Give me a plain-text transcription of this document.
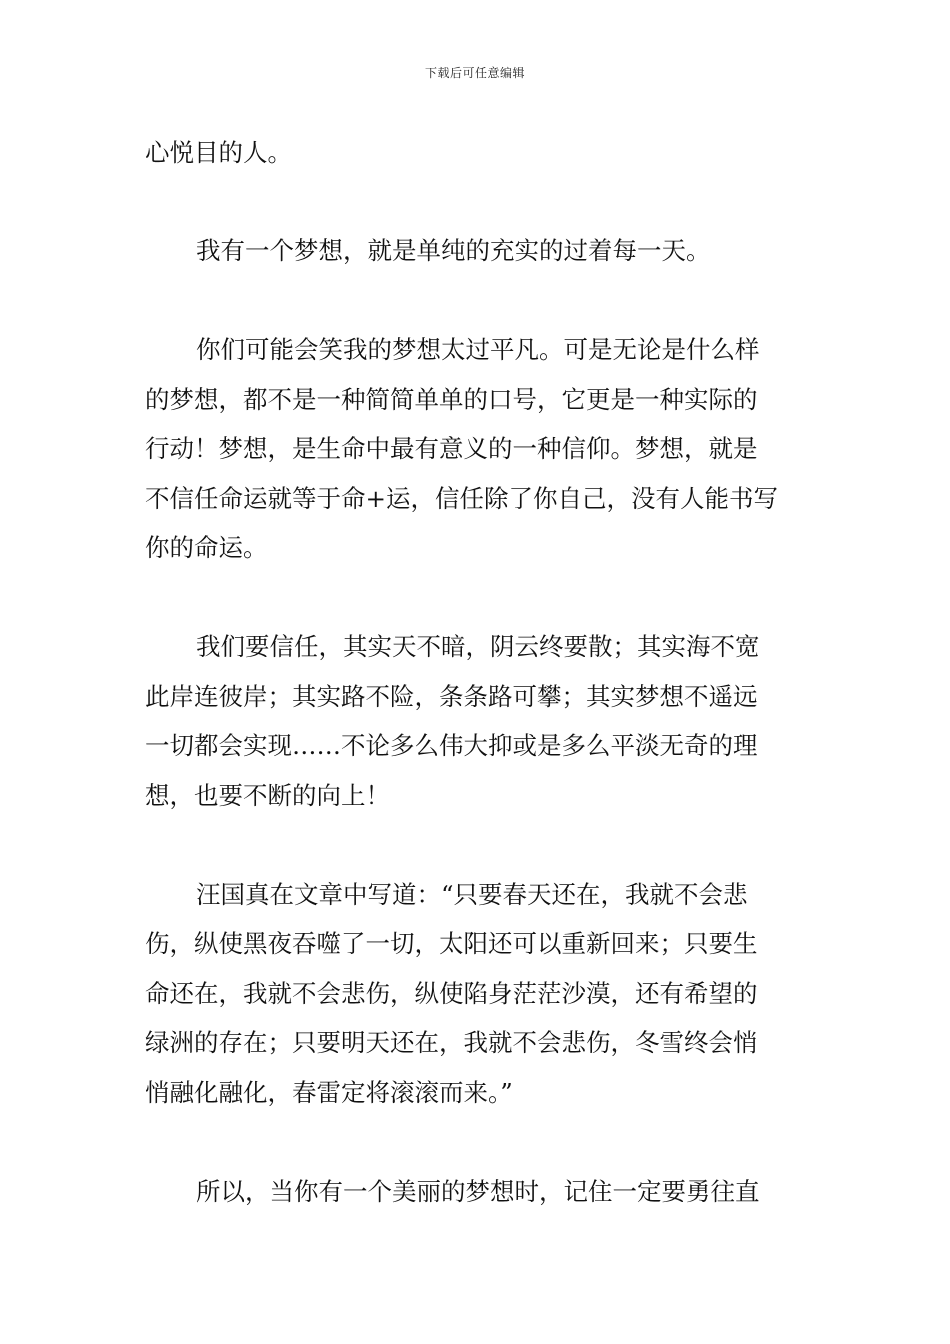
下载后可任意编辑
心悦目的人。
我有一个梦想，就是单纯的充实的过着每一天。
你们可能会笑我的梦想太过平凡。可是无论是什么样
的梦想，都不是一种简简单单的口号，它更是一种实际的
行动！梦想，是生命中最有意义的一种信仰。梦想，就是
不信任命运就等于命+运，信任除了你自己，没有人能书写
你的命运。
我们要信任，其实天不暗，阴云终要散；其实海不宽
此岸连彼岸；其实路不险，条条路可攀；其实梦想不遥远
一切都会实现……不论多么伟大抑或是多么平淡无奇的理
想，也要不断的向上！
汪国真在文章中写道：“只要春天还在，我就不会悲
伤，纵使黑夜吞噬了一切，太阳还可以重新回来；只要生
命还在，我就不会悲伤，纵使陷身茫茫沙漠，还有希望的
绿洲的存在；只要明天还在，我就不会悲伤，冬雪终会悄
悄融化融化，春雷定将滚滚而来。”
所以，当你有一个美丽的梦想时，记住一定要勇往直
